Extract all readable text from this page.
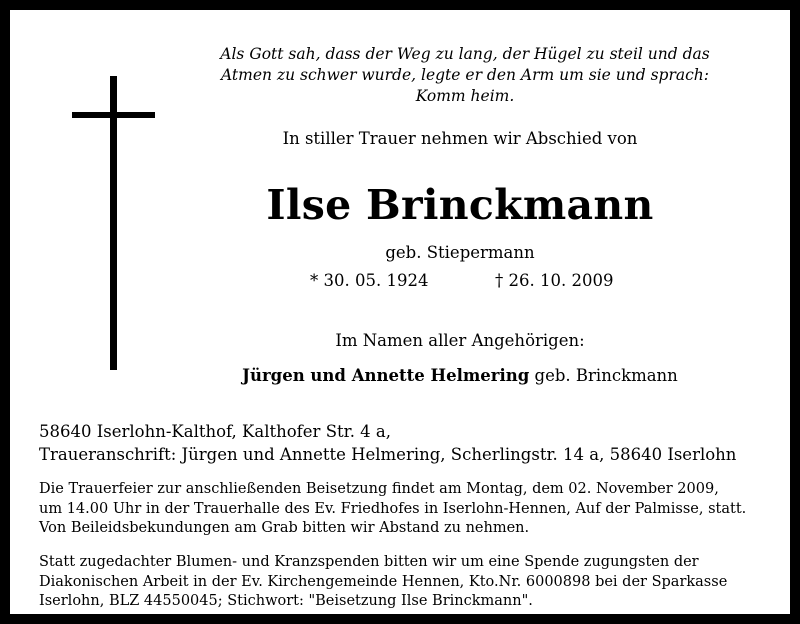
Als Gott sah, dass der Weg zu lang, der Hügel zu steil und das
Atmen zu schwer wurde, legte er den Arm um sie und sprach:
Komm heim.
In stiller Trauer nehmen wir Abschied von
Ilse Brinckmann
geb. Stiepermann
* 30. 05. 1924	† 26. 10. 2009
Im Namen aller Angehörigen:
Jürgen und Annette Helmering geb. Brinckmann
58640 Iserlohn-Kalthof, Kalthofer Str. 4 a,
Traueranschrift: Jürgen und Annette Helmering, Scherlingstr. 14 a, 58640 Iserlohn
Die Trauerfeier zur anschließenden Beisetzung findet am Montag, dem 02. November 2009,
um 14.00 Uhr in der Trauerhalle des Ev. Friedhofes in Iserlohn-Hennen, Auf der Palmisse, statt.
Von Beileidsbekundungen am Grab bitten wir Abstand zu nehmen.
Statt zugedachter Blumen- und Kranzspenden bitten wir um eine Spende zugungsten der
Diakonischen Arbeit in der Ev. Kirchengemeinde Hennen, Kto.Nr. 6000898 bei der Sparkasse
Iserlohn, BLZ 44550045; Stichwort: "Beisetzung Ilse Brinckmann".
